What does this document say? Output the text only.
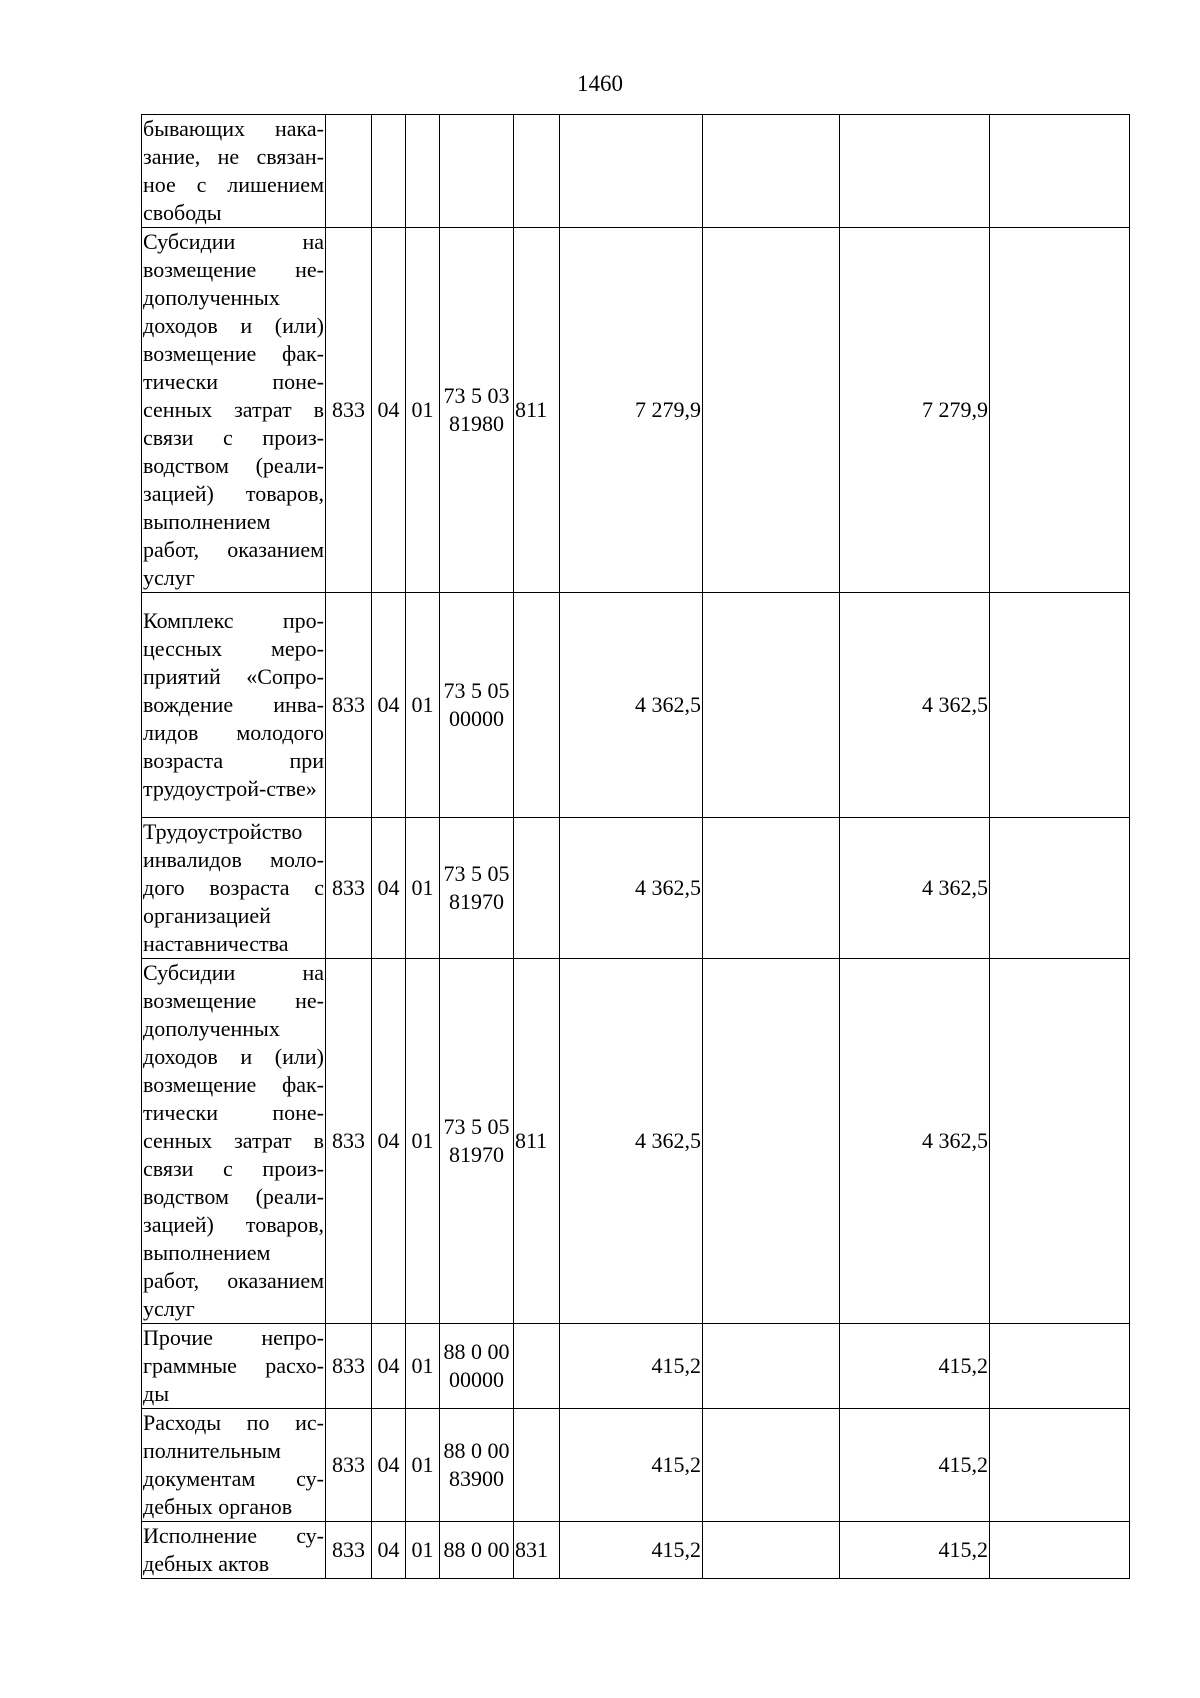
1460
бывающих нака-зание, не связан-ное с лишением свободы									
Субсидии на возмещение не-дополученных доходов и (или) возмещение фак-тически поне-сенных затрат в связи с произ-водством (реали-зацией) товаров, выполнением работ, оказанием услуг	833	04	01	73 5 03 81980	811	7 279,9		7 279,9	
Комплекс про-цессных меро-приятий «Сопро-вождение инва-лидов молодого возраста при трудоустрой-стве»	833	04	01	73 5 05 00000		4 362,5		4 362,5	
Трудоустройство инвалидов моло-дого возраста с организацией наставничества	833	04	01	73 5 05 81970		4 362,5		4 362,5	
Субсидии на возмещение не-дополученных доходов и (или) возмещение фак-тически поне-сенных затрат в связи с произ-водством (реали-зацией) товаров, выполнением работ, оказанием услуг	833	04	01	73 5 05 81970	811	4 362,5		4 362,5	
Прочие непро-граммные расхо-ды	833	04	01	88 0 00 00000		415,2		415,2	
Расходы по ис-полнительным документам су-дебных органов	833	04	01	88 0 00 83900		415,2		415,2	
Исполнение су-дебных актов	833	04	01	88 0 00	831	415,2		415,2	
